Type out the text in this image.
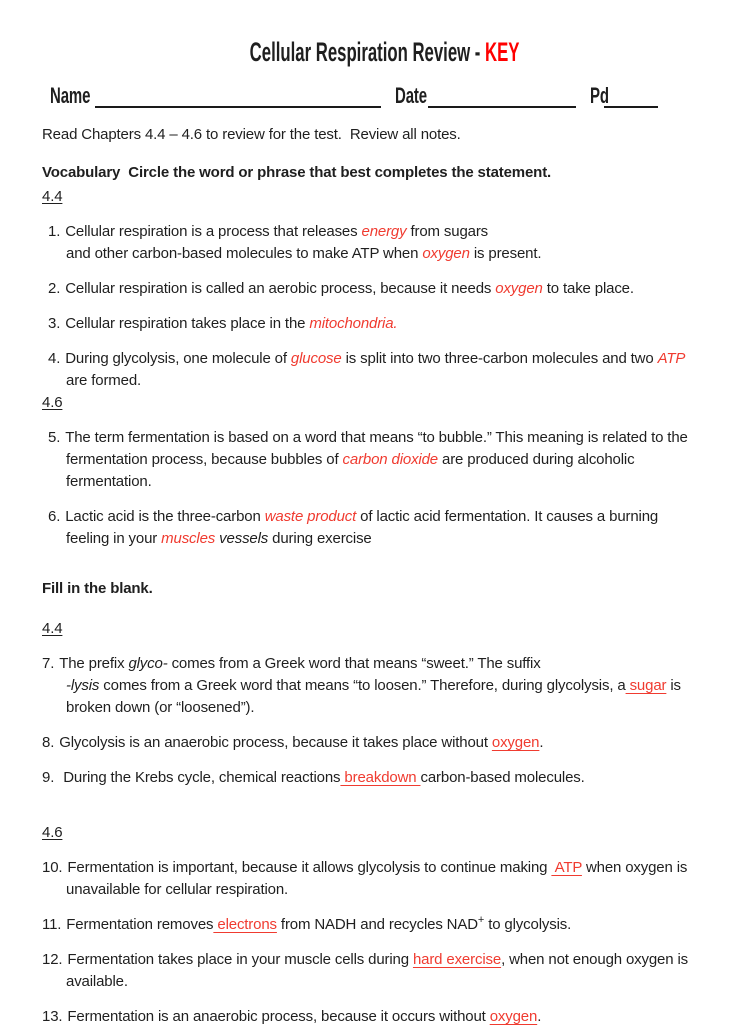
Cellular Respiration Review - KEY
Name	Date	Pd

Read Chapters 4.4 – 4.6 to review for the test.  Review all notes.

Vocabulary  Circle the word or phrase that best completes the statement.
4.4
1. Cellular respiration is a process that releases energy from sugars
and other carbon-based molecules to make ATP when oxygen is present.
2. Cellular respiration is called an aerobic process, because it needs oxygen to take place.
3. Cellular respiration takes place in the mitochondria.
4. During glycolysis, one molecule of glucose is split into two three-carbon molecules and two ATP
are formed.
4.6
5. The term fermentation is based on a word that means “to bubble.” This meaning is related to the
fermentation process, because bubbles of carbon dioxide are produced during alcoholic
fermentation.
6. Lactic acid is the three-carbon waste product of lactic acid fermentation. It causes a burning
feeling in your muscles vessels during exercise
Fill in the blank.
4.4
7. The prefix glyco- comes from a Greek word that means “sweet.” The suffix
-lysis comes from a Greek word that means “to loosen.” Therefore, during glycolysis, a sugar is
broken down (or “loosened”).
8. Glycolysis is an anaerobic process, because it takes place without oxygen.
9. During the Krebs cycle, chemical reactions breakdown carbon-based molecules.
4.6
10. Fermentation is important, because it allows glycolysis to continue making  ATP when oxygen is
unavailable for cellular respiration.
11. Fermentation removes electrons from NADH and recycles NAD+ to glycolysis.
12. Fermentation takes place in your muscle cells during hard exercise, when not enough oxygen is
available.
13. Fermentation is an anaerobic process, because it occurs without oxygen.
